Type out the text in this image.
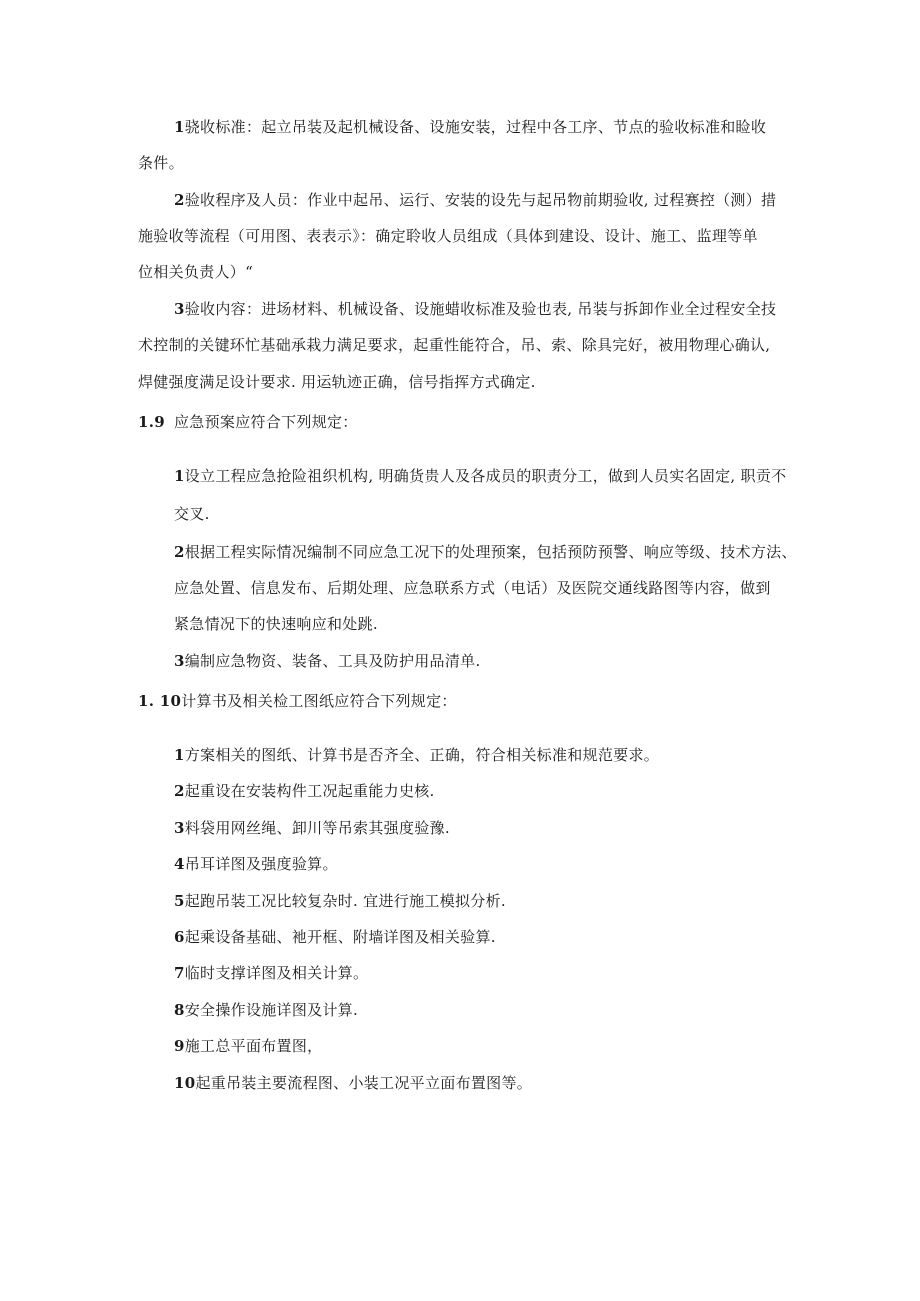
1骁收标准：起立吊装及起机械设备、设施安装，过程中各工序、节点的验收标准和睑收
条件。
2验收程序及人员：作业中起吊、运行、安装的设先与起吊物前期验收, 过程赛控（测）措
施验收等流程（可用图、表表示》：确定聆收人员组成（具体到建设、设计、施工、监理等单
位相关负责人）“
3验收内容：进场材料、机械设备、设施蜡收标准及验也表, 吊装与拆卸作业全过程安全技
术控制的关键环忙基础承栽力满足要求，起重性能符合，吊、索、除具完好，被用物理心确认,
焊健强度满足设计要求. 用运轨迹正确，信号指挥方式确定.
1.9 应急预案应符合下列规定：
1设立工程应急抢险祖织机构, 明确货贵人及各成员的职责分工，做到人员实名固定, 职贡不
交叉.
2根据工程实际情况编制不同应急工况下的处理预案，包括预防预警、响应等级、技术方法、
应急处置、信息发布、后期处理、应急联系方式（电话）及医院交通线路图等内容，做到
紧急情况下的快速响应和处跳.
3编制应急物资、装备、工具及防护用品清单.
1. 10计算书及相关检工图纸应符合下列规定：
1方案相关的图纸、计算书是否齐全、正确，符合相关标准和规范要求。
2起重设在安装构件工况起重能力史核.
3料袋用网丝绳、卸川等吊索其强度验豫.
4吊耳详图及强度验算。
5起跑吊装工况比较复杂时. 宜进行施工模拟分析.
6起乘设备基础、衪开框、附墙详图及相关验算.
7临时支撑详图及相关计算。
8安全操作设施详图及计算.
9施工总平面布置图，
10起重吊装主要流程图、小装工况平立面布置图等。
